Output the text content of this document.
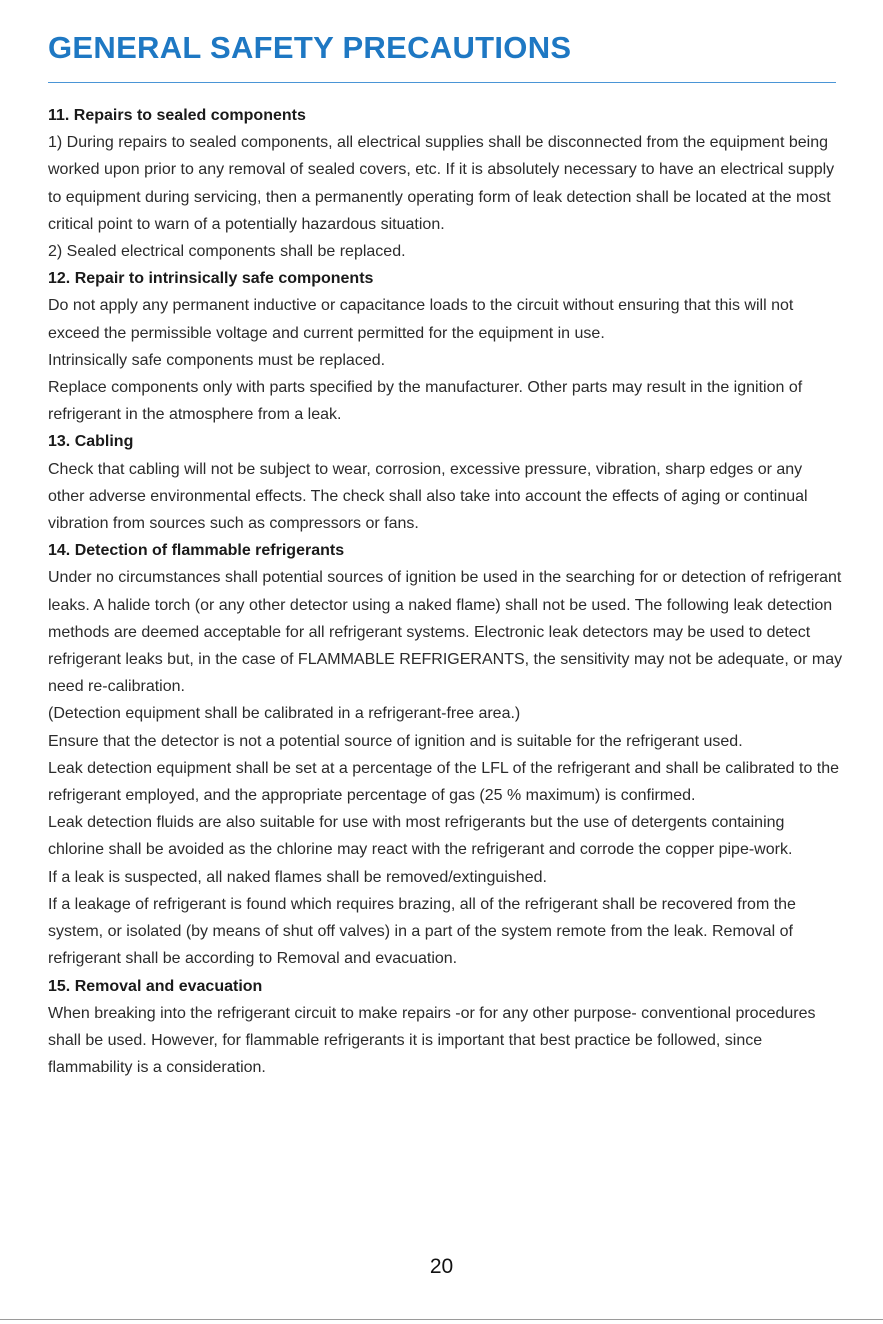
GENERAL SAFETY PRECAUTIONS
11. Repairs to sealed components

1) During repairs to sealed components, all electrical supplies shall be disconnected from the equipment being worked upon prior to any removal of sealed covers, etc. If it is absolutely necessary to have an electrical supply to equipment during servicing, then a permanently operating form of leak detection shall be located at the most critical point to warn of a potentially hazardous situation.

2) Sealed electrical components shall be replaced.

12. Repair to intrinsically safe components

Do not apply any permanent inductive or capacitance loads to the circuit without ensuring that this will not exceed the permissible voltage and current permitted for the equipment in use.

Intrinsically safe components must be replaced.

Replace components only with parts specified by the manufacturer. Other parts may result in the ignition of refrigerant in the atmosphere from a leak.

13. Cabling

Check that cabling will not be subject to wear, corrosion, excessive pressure, vibration, sharp edges or any other adverse environmental effects. The check shall also take into account the effects of aging or continual vibration from sources such as compressors or fans.

14. Detection of flammable refrigerants

Under no circumstances shall potential sources of ignition be used in the searching for or detection of refrigerant leaks. A halide torch (or any other detector using a naked flame) shall not be used. The following leak detection methods are deemed acceptable for all refrigerant systems. Electronic leak detectors may be used to detect refrigerant leaks but, in the case of FLAMMABLE REFRIGERANTS, the sensitivity may not be adequate, or may need re-calibration.

(Detection equipment shall be calibrated in a refrigerant-free area.)

Ensure that the detector is not a potential source of ignition and is suitable for the refrigerant used.

Leak detection equipment shall be set at a percentage of the LFL of the refrigerant and shall be calibrated to the refrigerant employed, and the appropriate percentage of gas (25 % maximum) is confirmed.

Leak detection fluids are also suitable for use with most refrigerants but the use of detergents containing chlorine shall be avoided as the chlorine may react with the refrigerant and corrode the copper pipe-work.

If a leak is suspected, all naked flames shall be removed/extinguished.

If a leakage of refrigerant is found which requires brazing, all of the refrigerant shall be recovered from the system, or isolated (by means of shut off valves) in a part of the system remote from the leak. Removal of refrigerant shall be according to Removal and evacuation.

15. Removal and evacuation

When breaking into the refrigerant circuit to make repairs -or for any other purpose- conventional procedures shall be used. However, for flammable refrigerants it is important that best practice be followed, since flammability is a consideration.

20
